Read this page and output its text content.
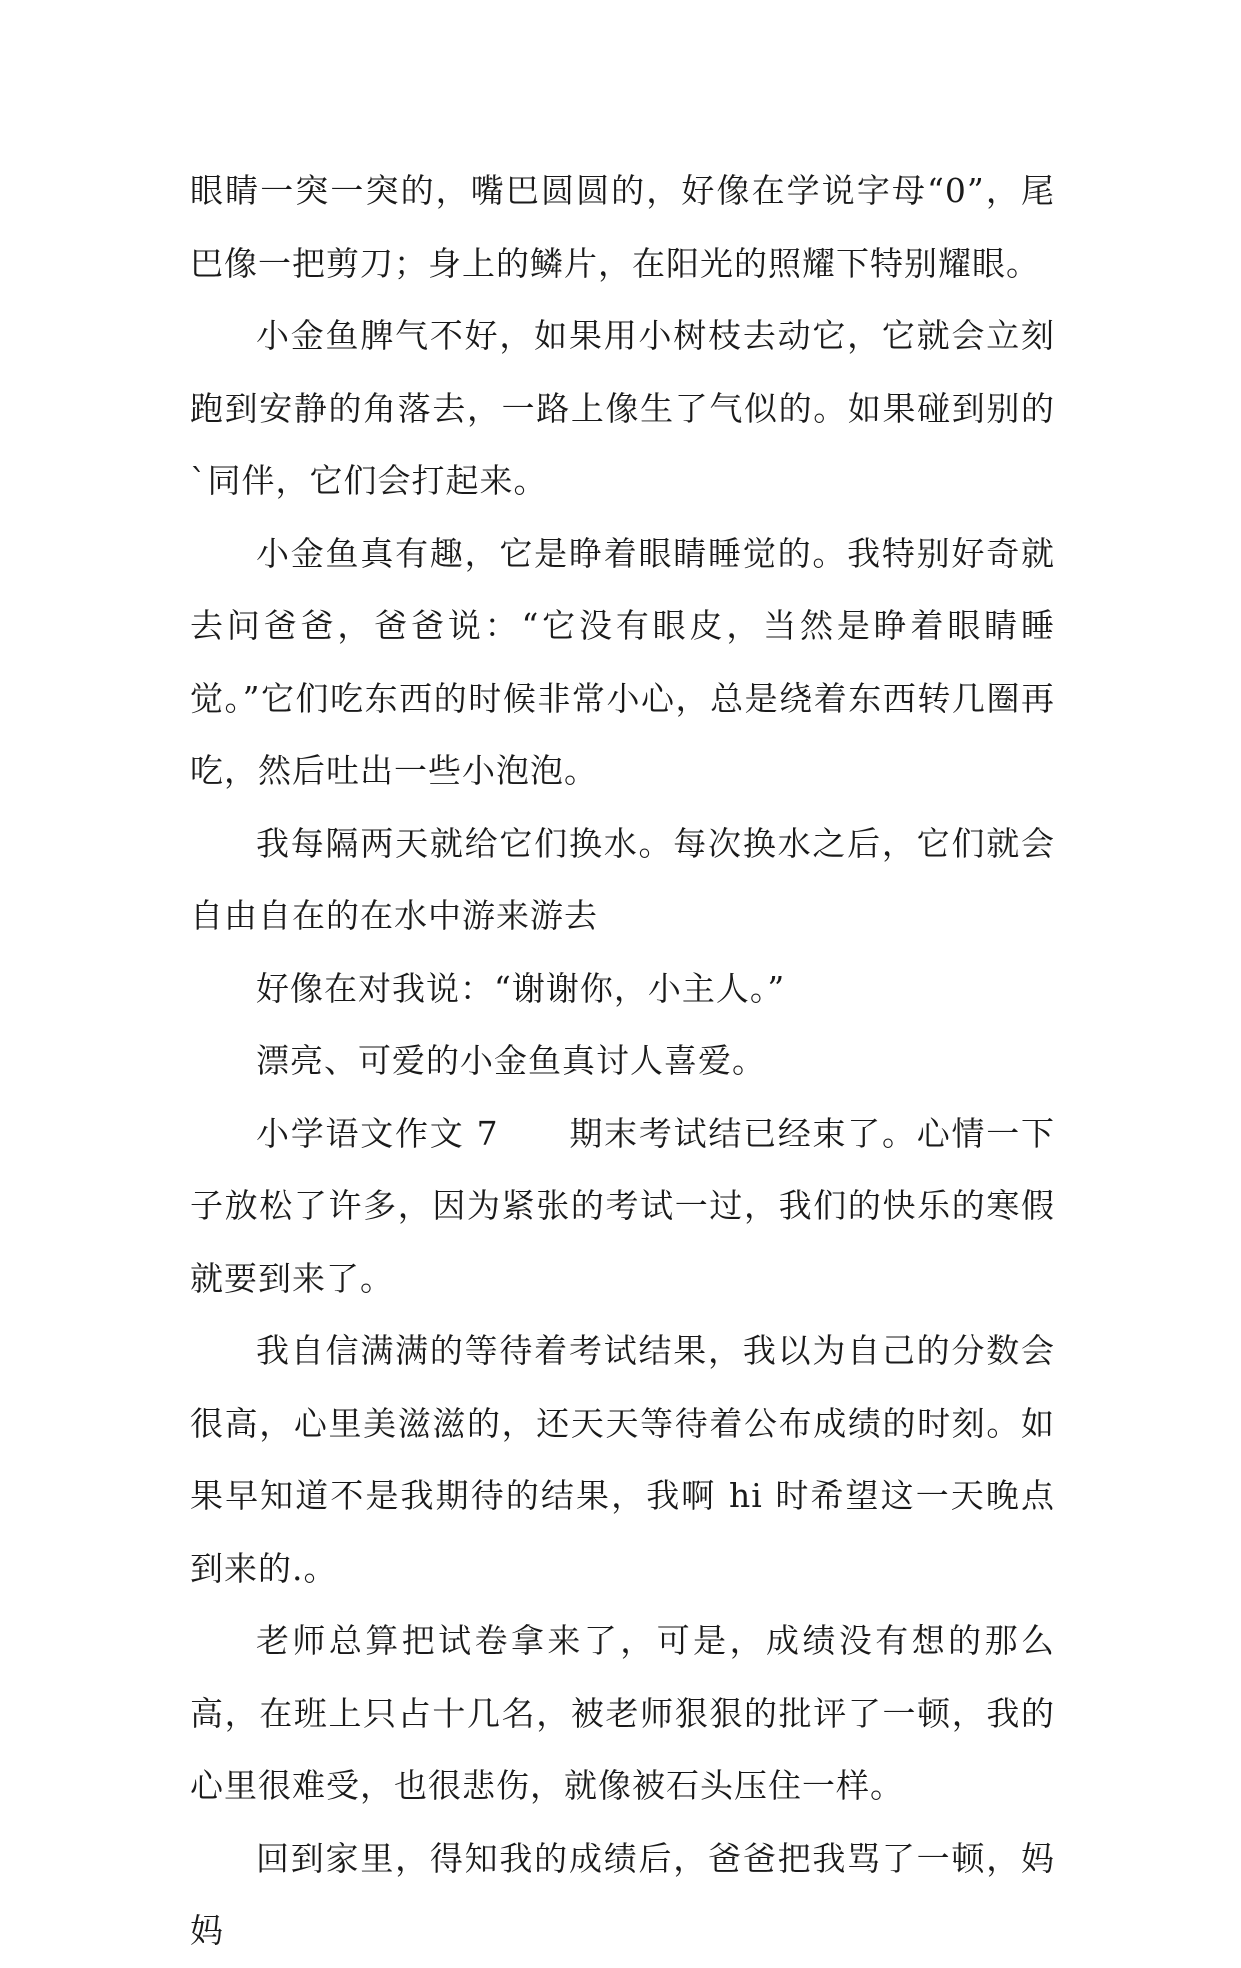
眼睛一突一突的，嘴巴圆圆的，好像在学说字母“0”，尾巴像一把剪刀；身上的鳞片，在阳光的照耀下特别耀眼。

小金鱼脾气不好，如果用小树枝去动它，它就会立刻跑到安静的角落去，一路上像生了气似的。如果碰到别的`同伴，它们会打起来。

小金鱼真有趣，它是睁着眼睛睡觉的。我特别好奇就去问爸爸，爸爸说：“它没有眼皮，当然是睁着眼睛睡觉。”它们吃东西的时候非常小心，总是绕着东西转几圈再吃，然后吐出一些小泡泡。

我每隔两天就给它们换水。每次换水之后，它们就会自由自在的在水中游来游去

好像在对我说：“谢谢你，小主人。”

漂亮、可爱的小金鱼真讨人喜爱。

小学语文作文 7 期末考试结已经束了。心情一下子放松了许多，因为紧张的考试一过，我们的快乐的寒假就要到来了。

我自信满满的等待着考试结果，我以为自己的分数会很高，心里美滋滋的，还天天等待着公布成绩的时刻。如果早知道不是我期待的结果，我啊 hi 时希望这一天晚点到来的.。

老师总算把试卷拿来了，可是，成绩没有想的那么高，在班上只占十几名，被老师狠狠的批评了一顿，我的心里很难受，也很悲伤，就像被石头压住一样。

回到家里，得知我的成绩后，爸爸把我骂了一顿，妈妈
